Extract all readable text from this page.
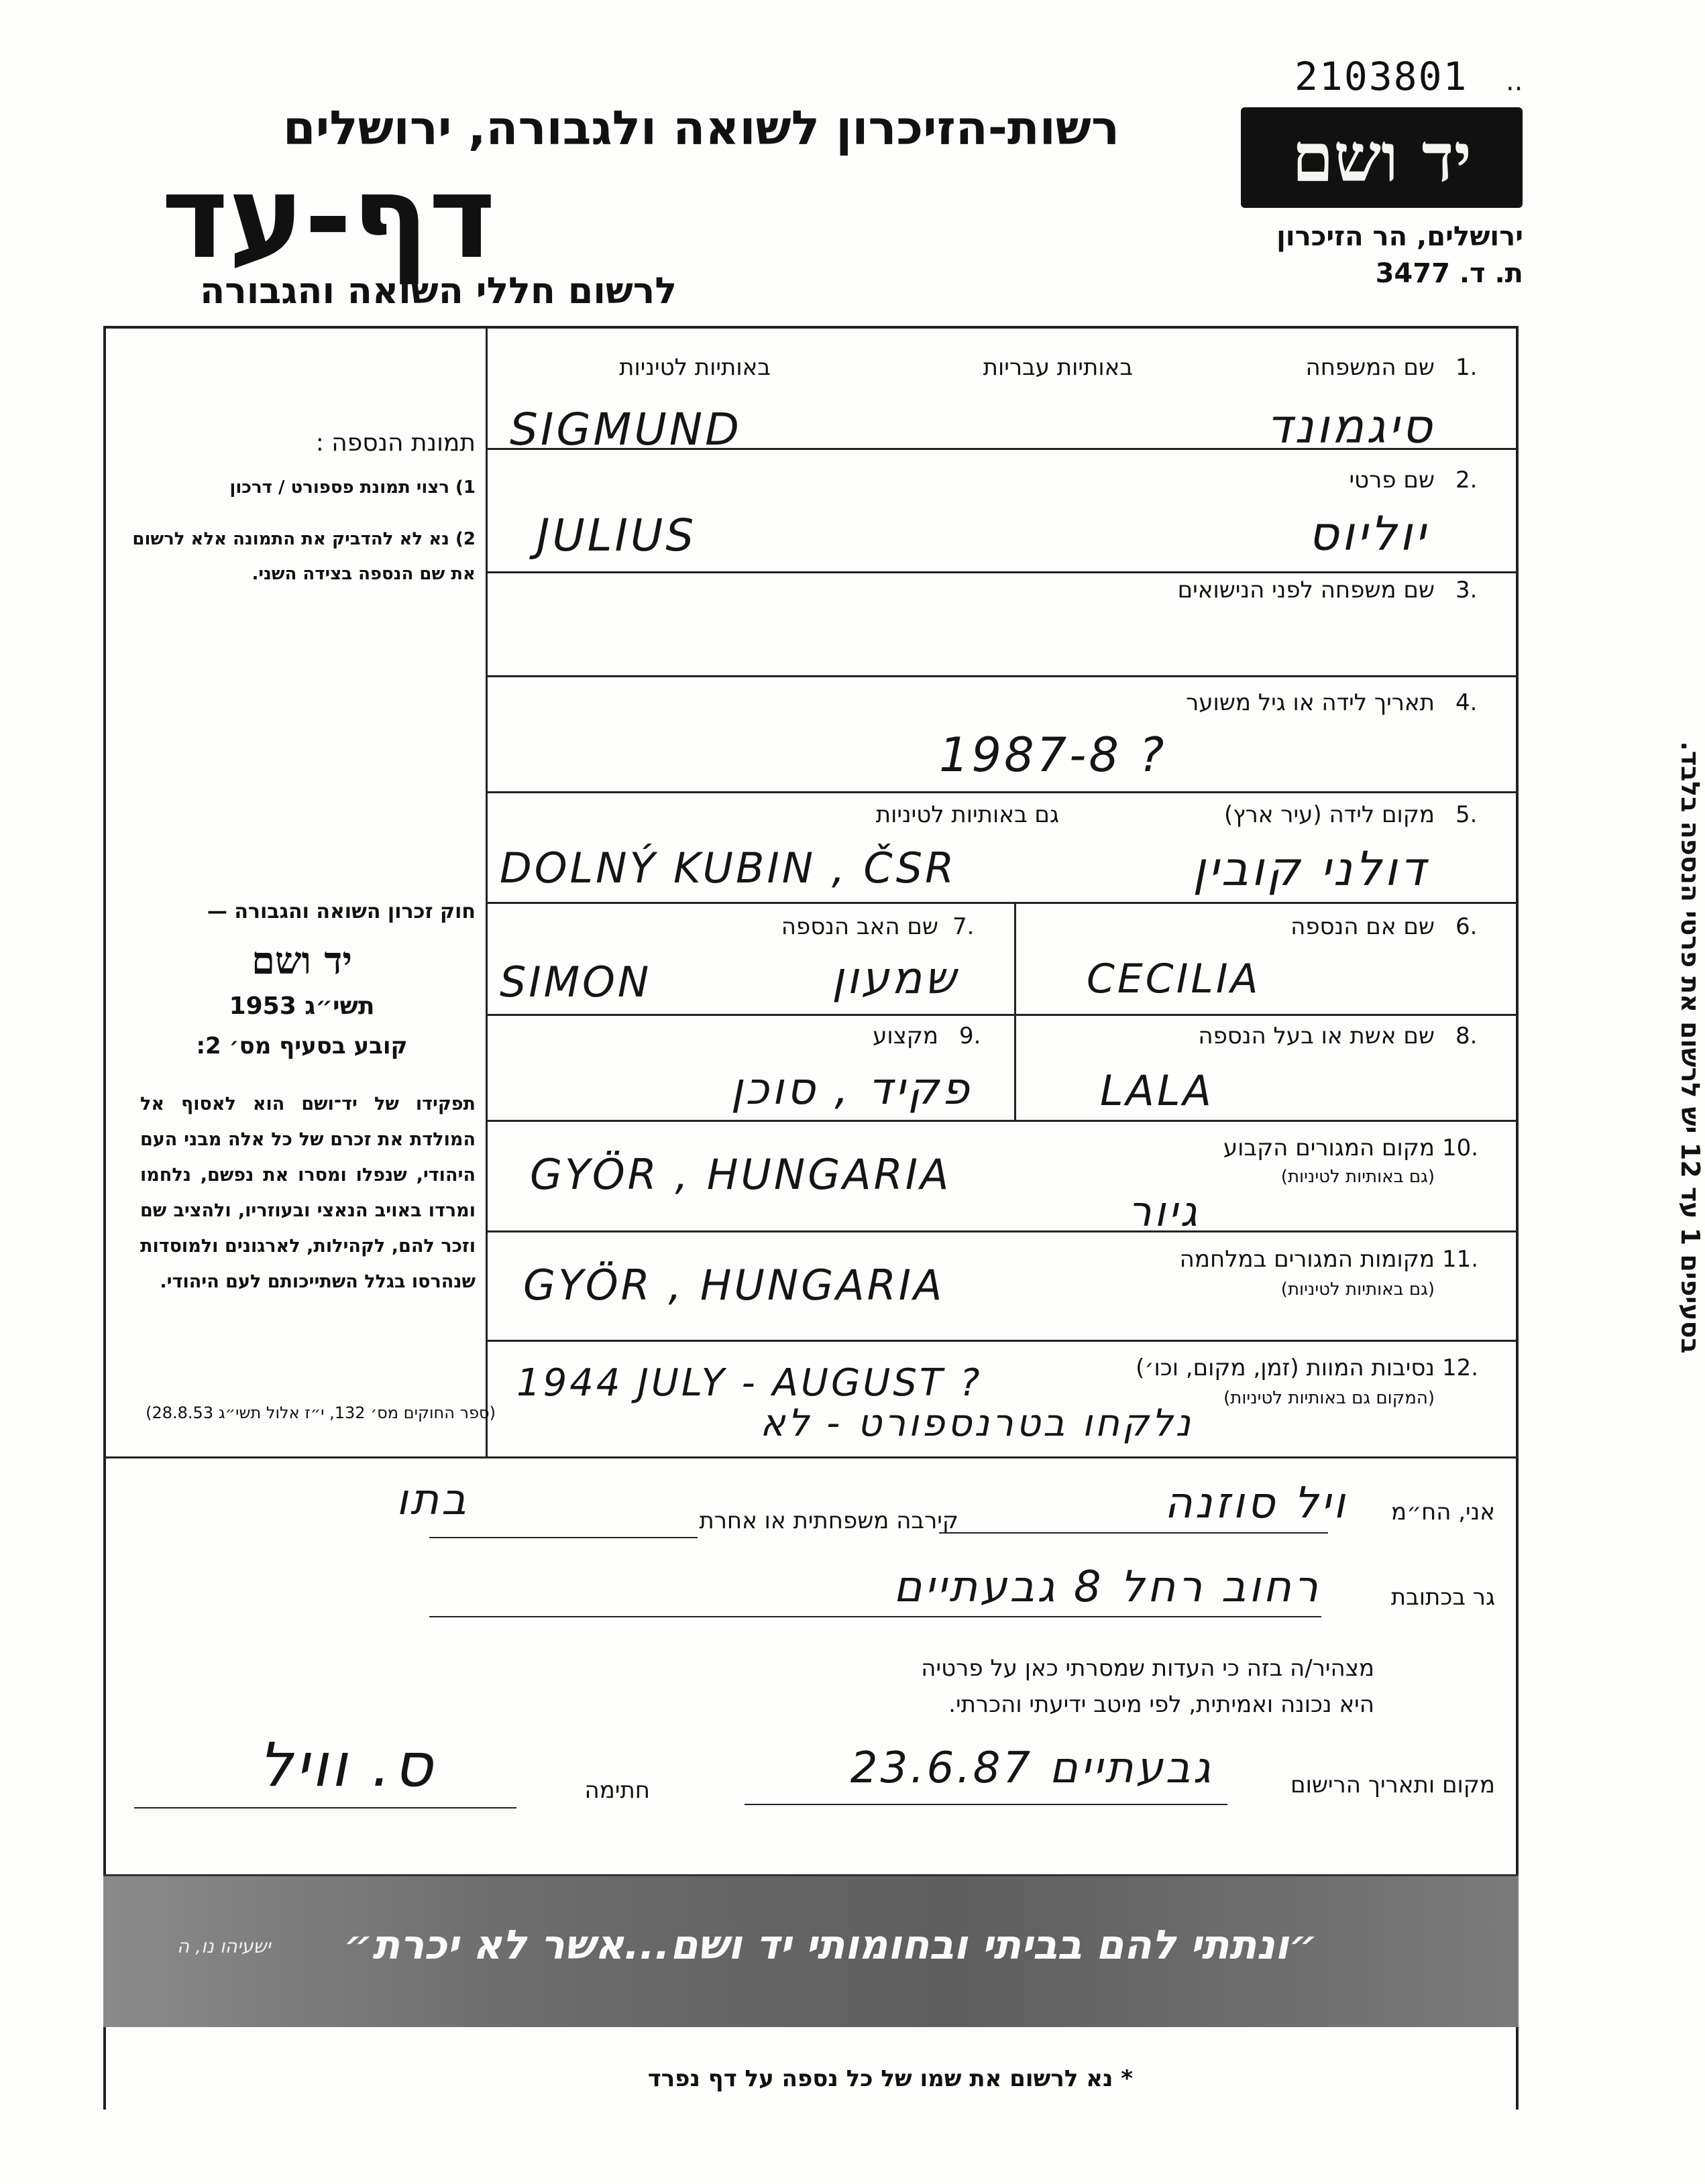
2103801 ··
רשות-הזיכרון לשואה ולגבורה, ירושלים
דף-עד
לרשום חללי השואה והגבורה
יד ושם
ירושלים, הר הזיכרון
ת. ד. 3477
תמונת הנספה :
1) רצוי תמונת פספורט / דרכון
2) נא לא להדביק את התמונה אלא לרשום את שם הנספה בצידה השני.
חוק זכרון השואה והגבורה —
יד ושם
תשי״ג 1953
קובע בסעיף מס׳ 2:
תפקידו של יד־ושם הוא לאסוף אל המולדת את זכרם של כל אלה מבני העם היהודי, שנפלו ומסרו את נפשם, נלחמו ומרדו באויב הנאצי ובעוזריו, ולהציב שם וזכר להם, לקהילות, לארגונים ולמוסדות שנהרסו בגלל השתייכותם לעם היהודי.
(ספר החוקים מס׳ 132, י״ז אלול תשי״ג 28.8.53)
בסעיפים 1 עד 12 יש לרשום את פרטי הנספה בלבד.
באותיות עבריות
באותיות לטיניות	1.
שם המשפחה
SIGMUND	סיגמונד
2.
שם פרטי
JULIUS	יוליוס
3.
שם משפחה לפני הנישואים
4.
תאריך לידה או גיל משוער
1987-8 ?
5.
מקום לידה (עיר ארץ)
גם באותיות לטיניות
DOLNÝ KUBIN , ČSR	דולני קובין
6.
שם אם הנספה
CECILIA
7.
שם האב הנספה
SIMON	שמעון
8.
שם אשת או בעל הנספה
LALA
9.
מקצוע
פקיד , סוכן
10.
מקום המגורים הקבוע
(גם באותיות לטיניות)
GYÖR , HUNGARIA
גיור
11.
מקומות המגורים במלחמה
(גם באותיות לטיניות)
GYÖR , HUNGARIA
12.
נסיבות המוות (זמן, מקום, וכו׳)
(המקום גם באותיות לטיניות)
1944 JULY - AUGUST ?
נלקחו בטרנספורט - לא
אני, הח״מ
ויל סוזנה
קירבה משפחתית או אחרת
בתו
גר בכתובת
רחוב רחל 8 גבעתיים
מצהיר/ה בזה כי העדות שמסרתי כאן על פרטיה
היא נכונה ואמיתית, לפי מיטב ידיעתי והכרתי.
מקום ותאריך הרישום
גבעתיים 23.6.87
חתימה
ס. וויל
״ונתתי להם בביתי ובחומותי יד ושם...אשר לא יכרת״
ישעיהו נו, ה
* נא לרשום את שמו של כל נספה על דף נפרד
